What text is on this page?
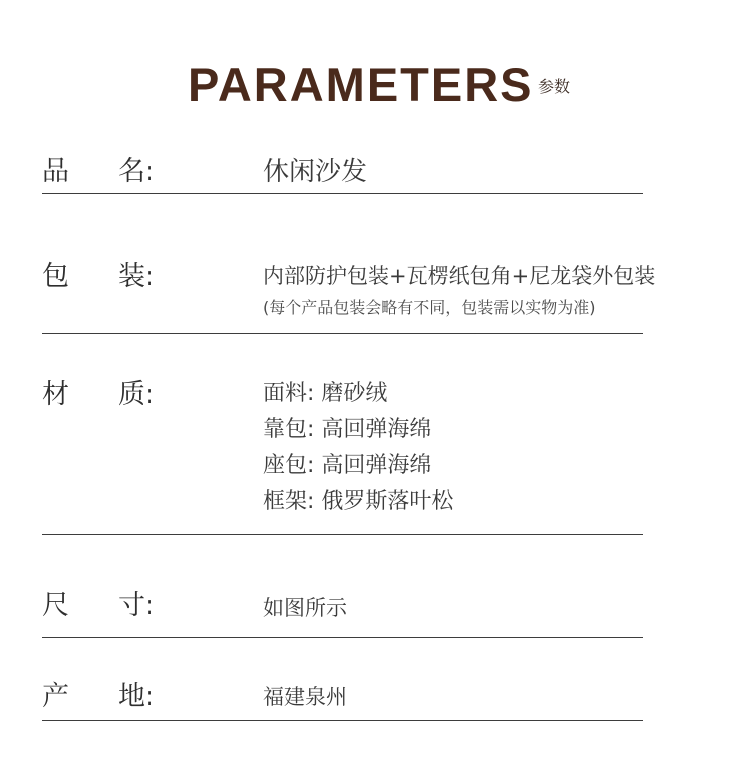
PARAMETERS 参数
品 名:	休闲沙发
包 装:	内部防护包装+瓦楞纸包角+尼龙袋外包装
(每个产品包装会略有不同，包装需以实物为准)
材 质:	面料: 磨砂绒
靠包: 高回弹海绵
座包: 高回弹海绵
框架: 俄罗斯落叶松
尺 寸:	如图所示
产 地:	福建泉州
